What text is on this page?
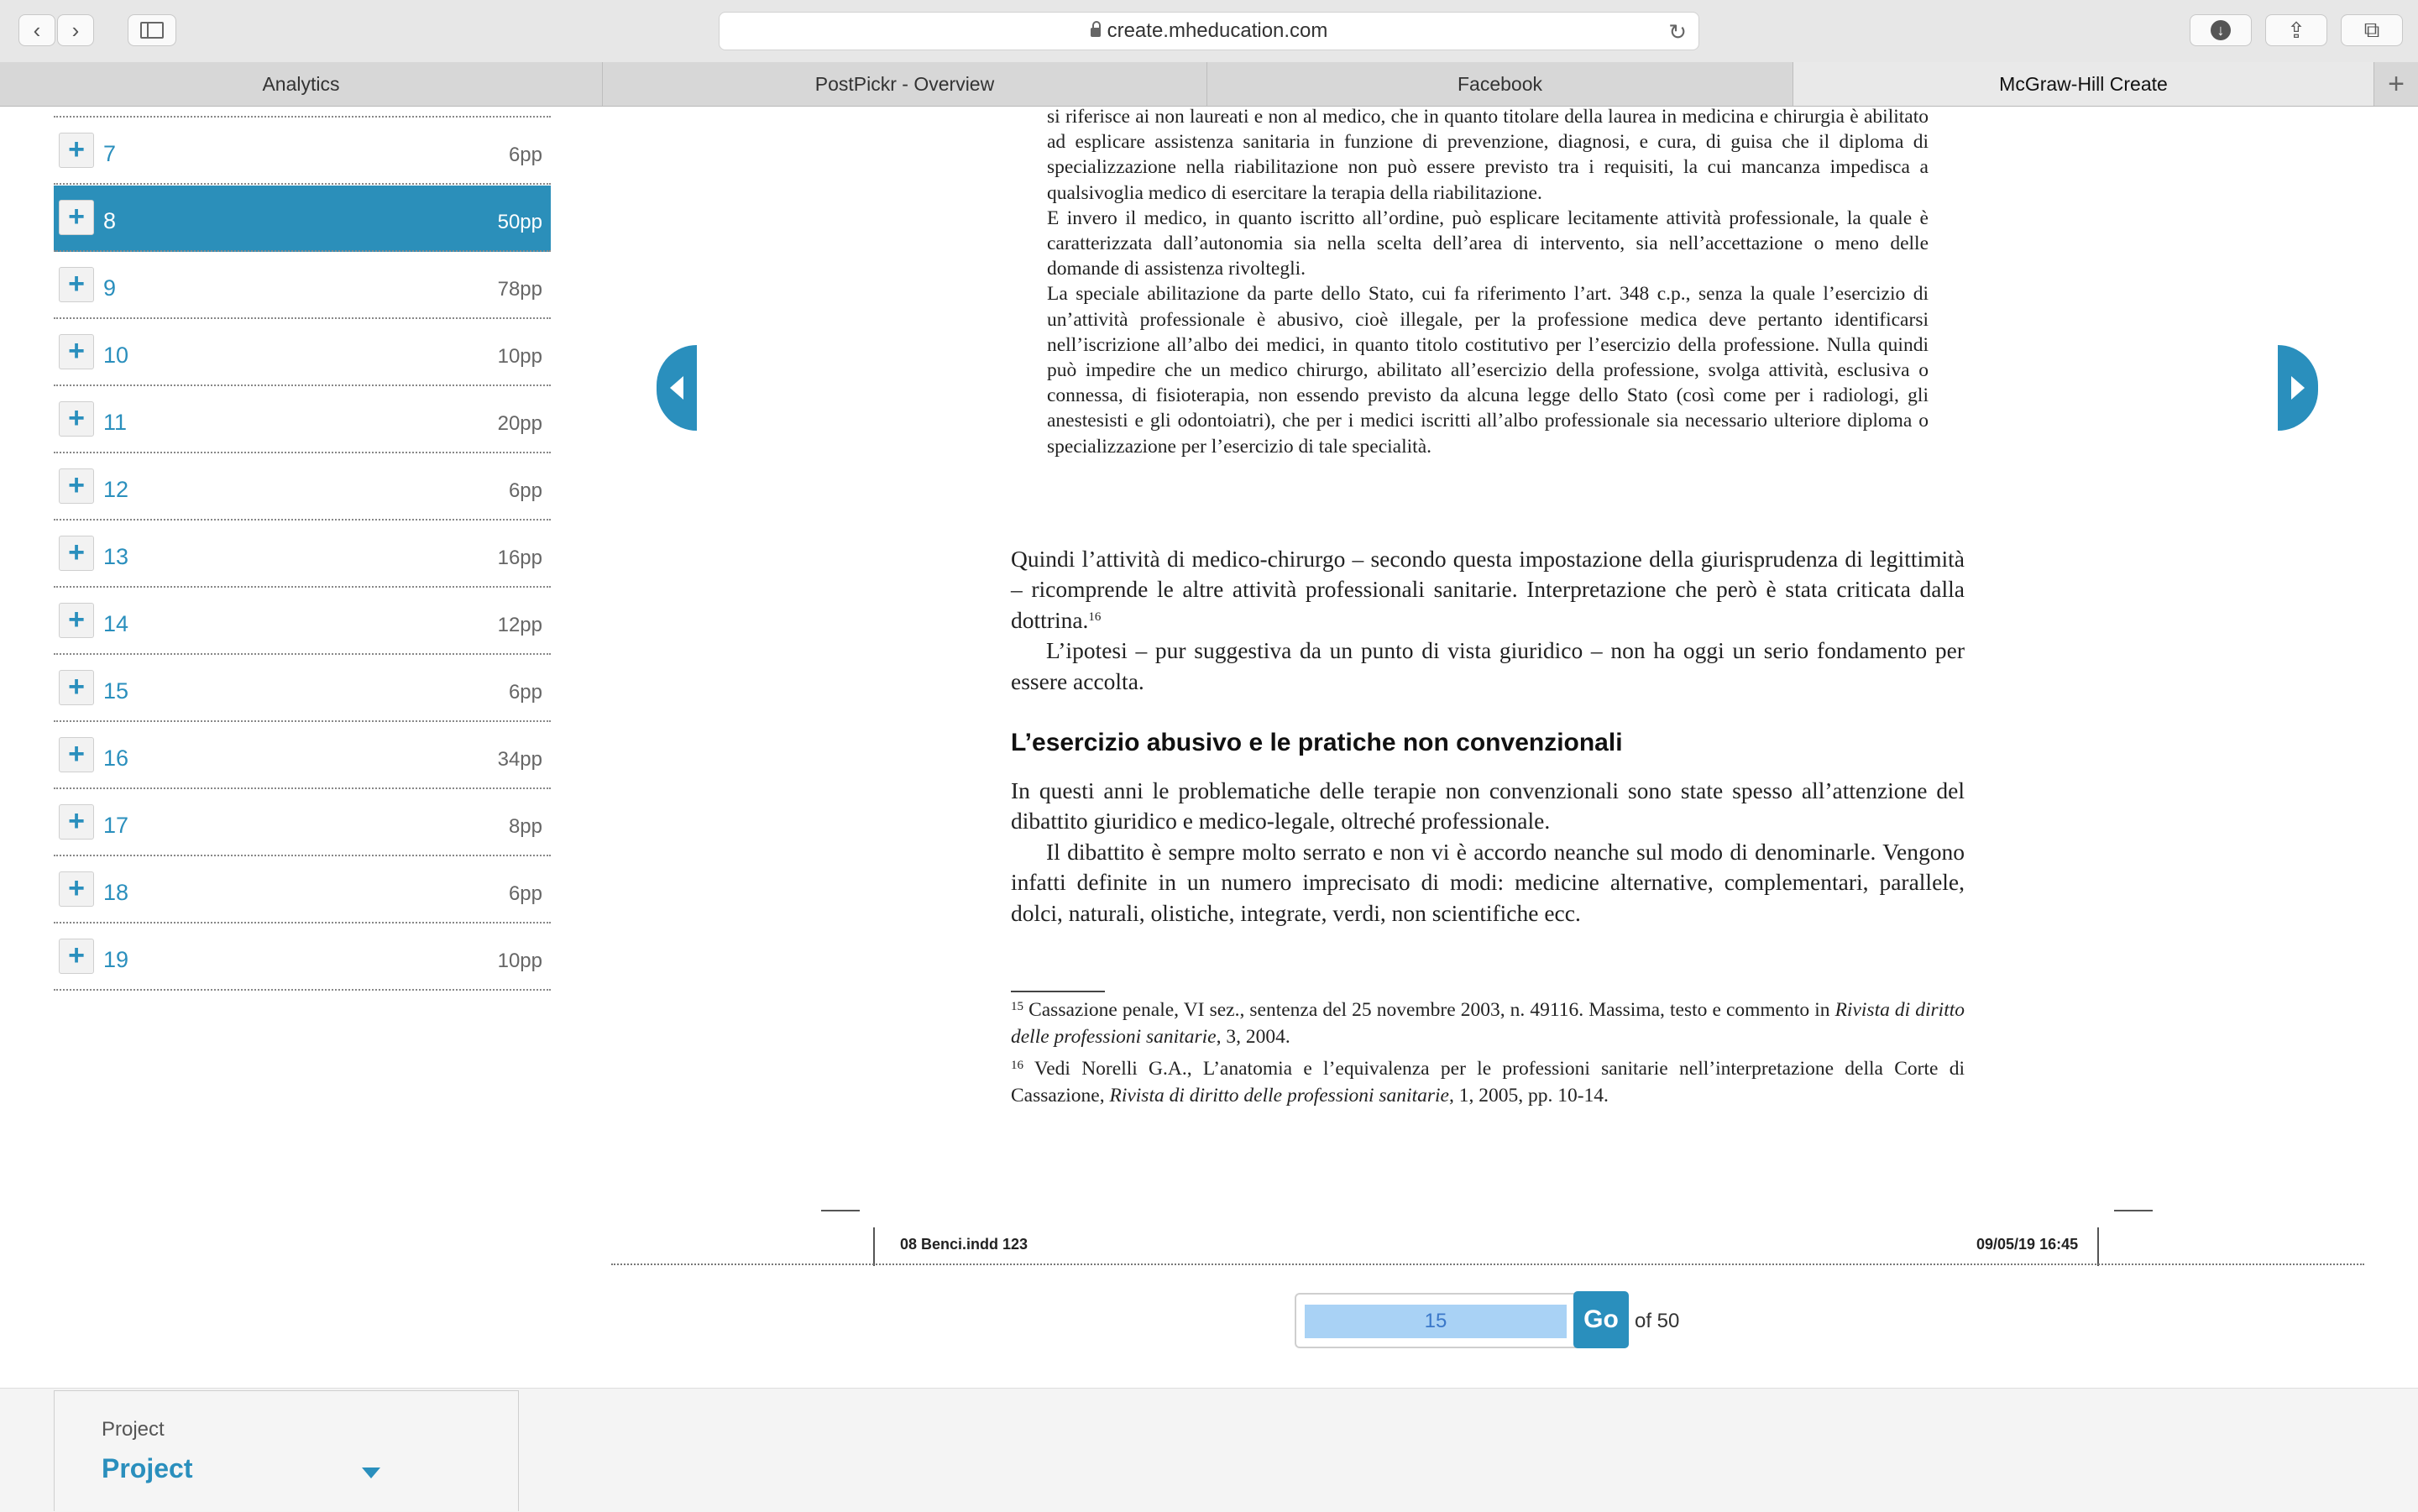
‹ ›	create.mheducation.com	↻	↓	⇪	⧉
Analytics	PostPickr - Overview	Facebook	McGraw-Hill Create	+
+ 7	6pp
+ 8	50pp
+ 9	78pp
+ 10	10pp
+ 11	20pp
+ 12	6pp
+ 13	16pp
+ 14	12pp
+ 15	6pp
+ 16	34pp
+ 17	8pp
+ 18	6pp
+ 19	10pp
si riferisce ai non laureati e non al medico, che in quanto titolare della laurea in medicina e chirurgia è abilitato ad esplicare assistenza sanitaria in funzione di prevenzione, diagnosi, e cura, di guisa che il diploma di specializzazione nella riabilitazione non può essere previsto tra i requisiti, la cui mancanza impedisca a qualsivoglia medico di esercitare la terapia della riabilitazione.
E invero il medico, in quanto iscritto all’ordine, può esplicare lecitamente attività professionale, la quale è caratterizzata dall’autonomia sia nella scelta dell’area di intervento, sia nell’accettazione o meno delle domande di assistenza rivoltegli.
La speciale abilitazione da parte dello Stato, cui fa riferimento l’art. 348 c.p., senza la quale l’esercizio di un’attività professionale è abusivo, cioè illegale, per la professione medica deve pertanto identificarsi nell’iscrizione all’albo dei medici, in quanto titolo costitutivo per l’esercizio della professione. Nulla quindi può impedire che un medico chirurgo, abilitato all’esercizio della professione, svolga attività, esclusiva o connessa, di fisioterapia, non essendo previsto da alcuna legge dello Stato (così come per i radiologi, gli anestesisti e gli odontoiatri), che per i medici iscritti all’albo professionale sia necessario ulteriore diploma o specializzazione per l’esercizio di tale specialità.
Quindi l’attività di medico-chirurgo – secondo questa impostazione della giurisprudenza di legittimità – ricomprende le altre attività professionali sanitarie. Interpretazione che però è stata criticata dalla dottrina.$^{16}$
L’ipotesi – pur suggestiva da un punto di vista giuridico – non ha oggi un serio fondamento per essere accolta.
L’esercizio abusivo e le pratiche non convenzionali
In questi anni le problematiche delle terapie non convenzionali sono state spesso all’attenzione del dibattito giuridico e medico-legale, oltreché professionale.
Il dibattito è sempre molto serrato e non vi è accordo neanche sul modo di denominarle. Vengono infatti definite in un numero imprecisato di modi: medicine alternative, complementari, parallele, dolci, naturali, olistiche, integrate, verdi, non scientifiche ecc.

$^{15}$ Cassazione penale, VI sez., sentenza del 25 novembre 2003, n. 49116. Massima, testo e commento in Rivista di diritto delle professioni sanitarie, 3, 2004.

$^{16}$ Vedi Norelli G.A., L’anatomia e l’equivalenza per le professioni sanitarie nell’interpretazione della Corte di Cassazione, Rivista di diritto delle professioni sanitarie, 1, 2005, pp. 10-14.

08 Benci.indd 123	09/05/19 16:45
15
Go of 50
Project
Project
